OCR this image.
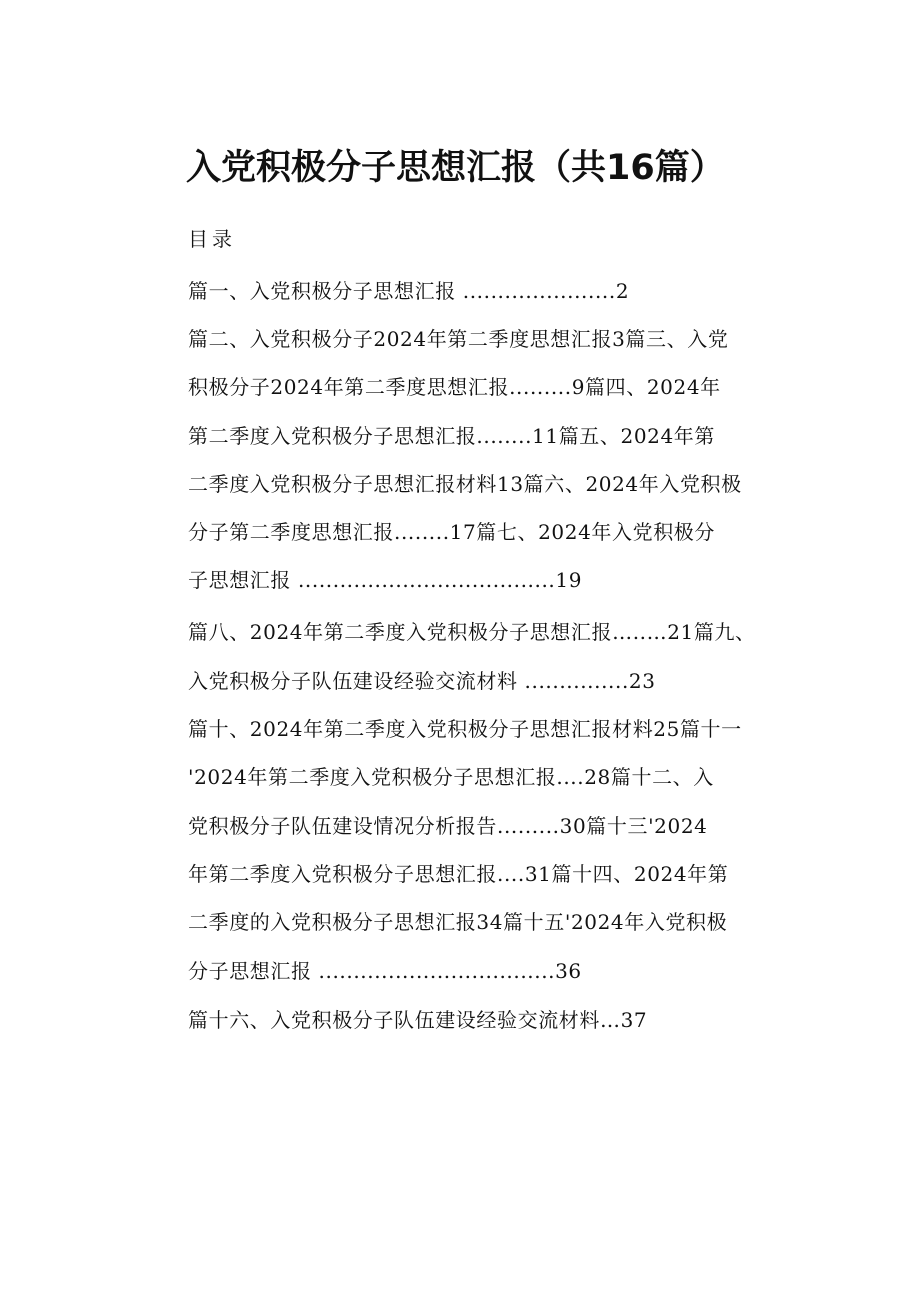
入党积极分子思想汇报（共16篇）
目录
篇一、入党积极分子思想汇报 ......................2
篇二、入党积极分子2024年第二季度思想汇报3篇三、入党
积极分子2024年第二季度思想汇报.........9篇四、2024年
第二季度入党积极分子思想汇报........11篇五、2024年第
二季度入党积极分子思想汇报材料13篇六、2024年入党积极
分子第二季度思想汇报........17篇七、2024年入党积极分
子思想汇报 .....................................19
篇八、2024年第二季度入党积极分子思想汇报…..…21篇九、
入党积极分子队伍建设经验交流材料 ...............23
篇十、2024年第二季度入党积极分子思想汇报材料25篇十一
'2024年第二季度入党积极分子思想汇报....28篇十二、入
党积极分子队伍建设情况分析报告.........30篇十三'2024
年第二季度入党积极分子思想汇报....31篇十四、2024年第
二季度的入党积极分子思想汇报34篇十五'2024年入党积极
分子思想汇报 ..................................36
篇十六、入党积极分子队伍建设经验交流材料…37
